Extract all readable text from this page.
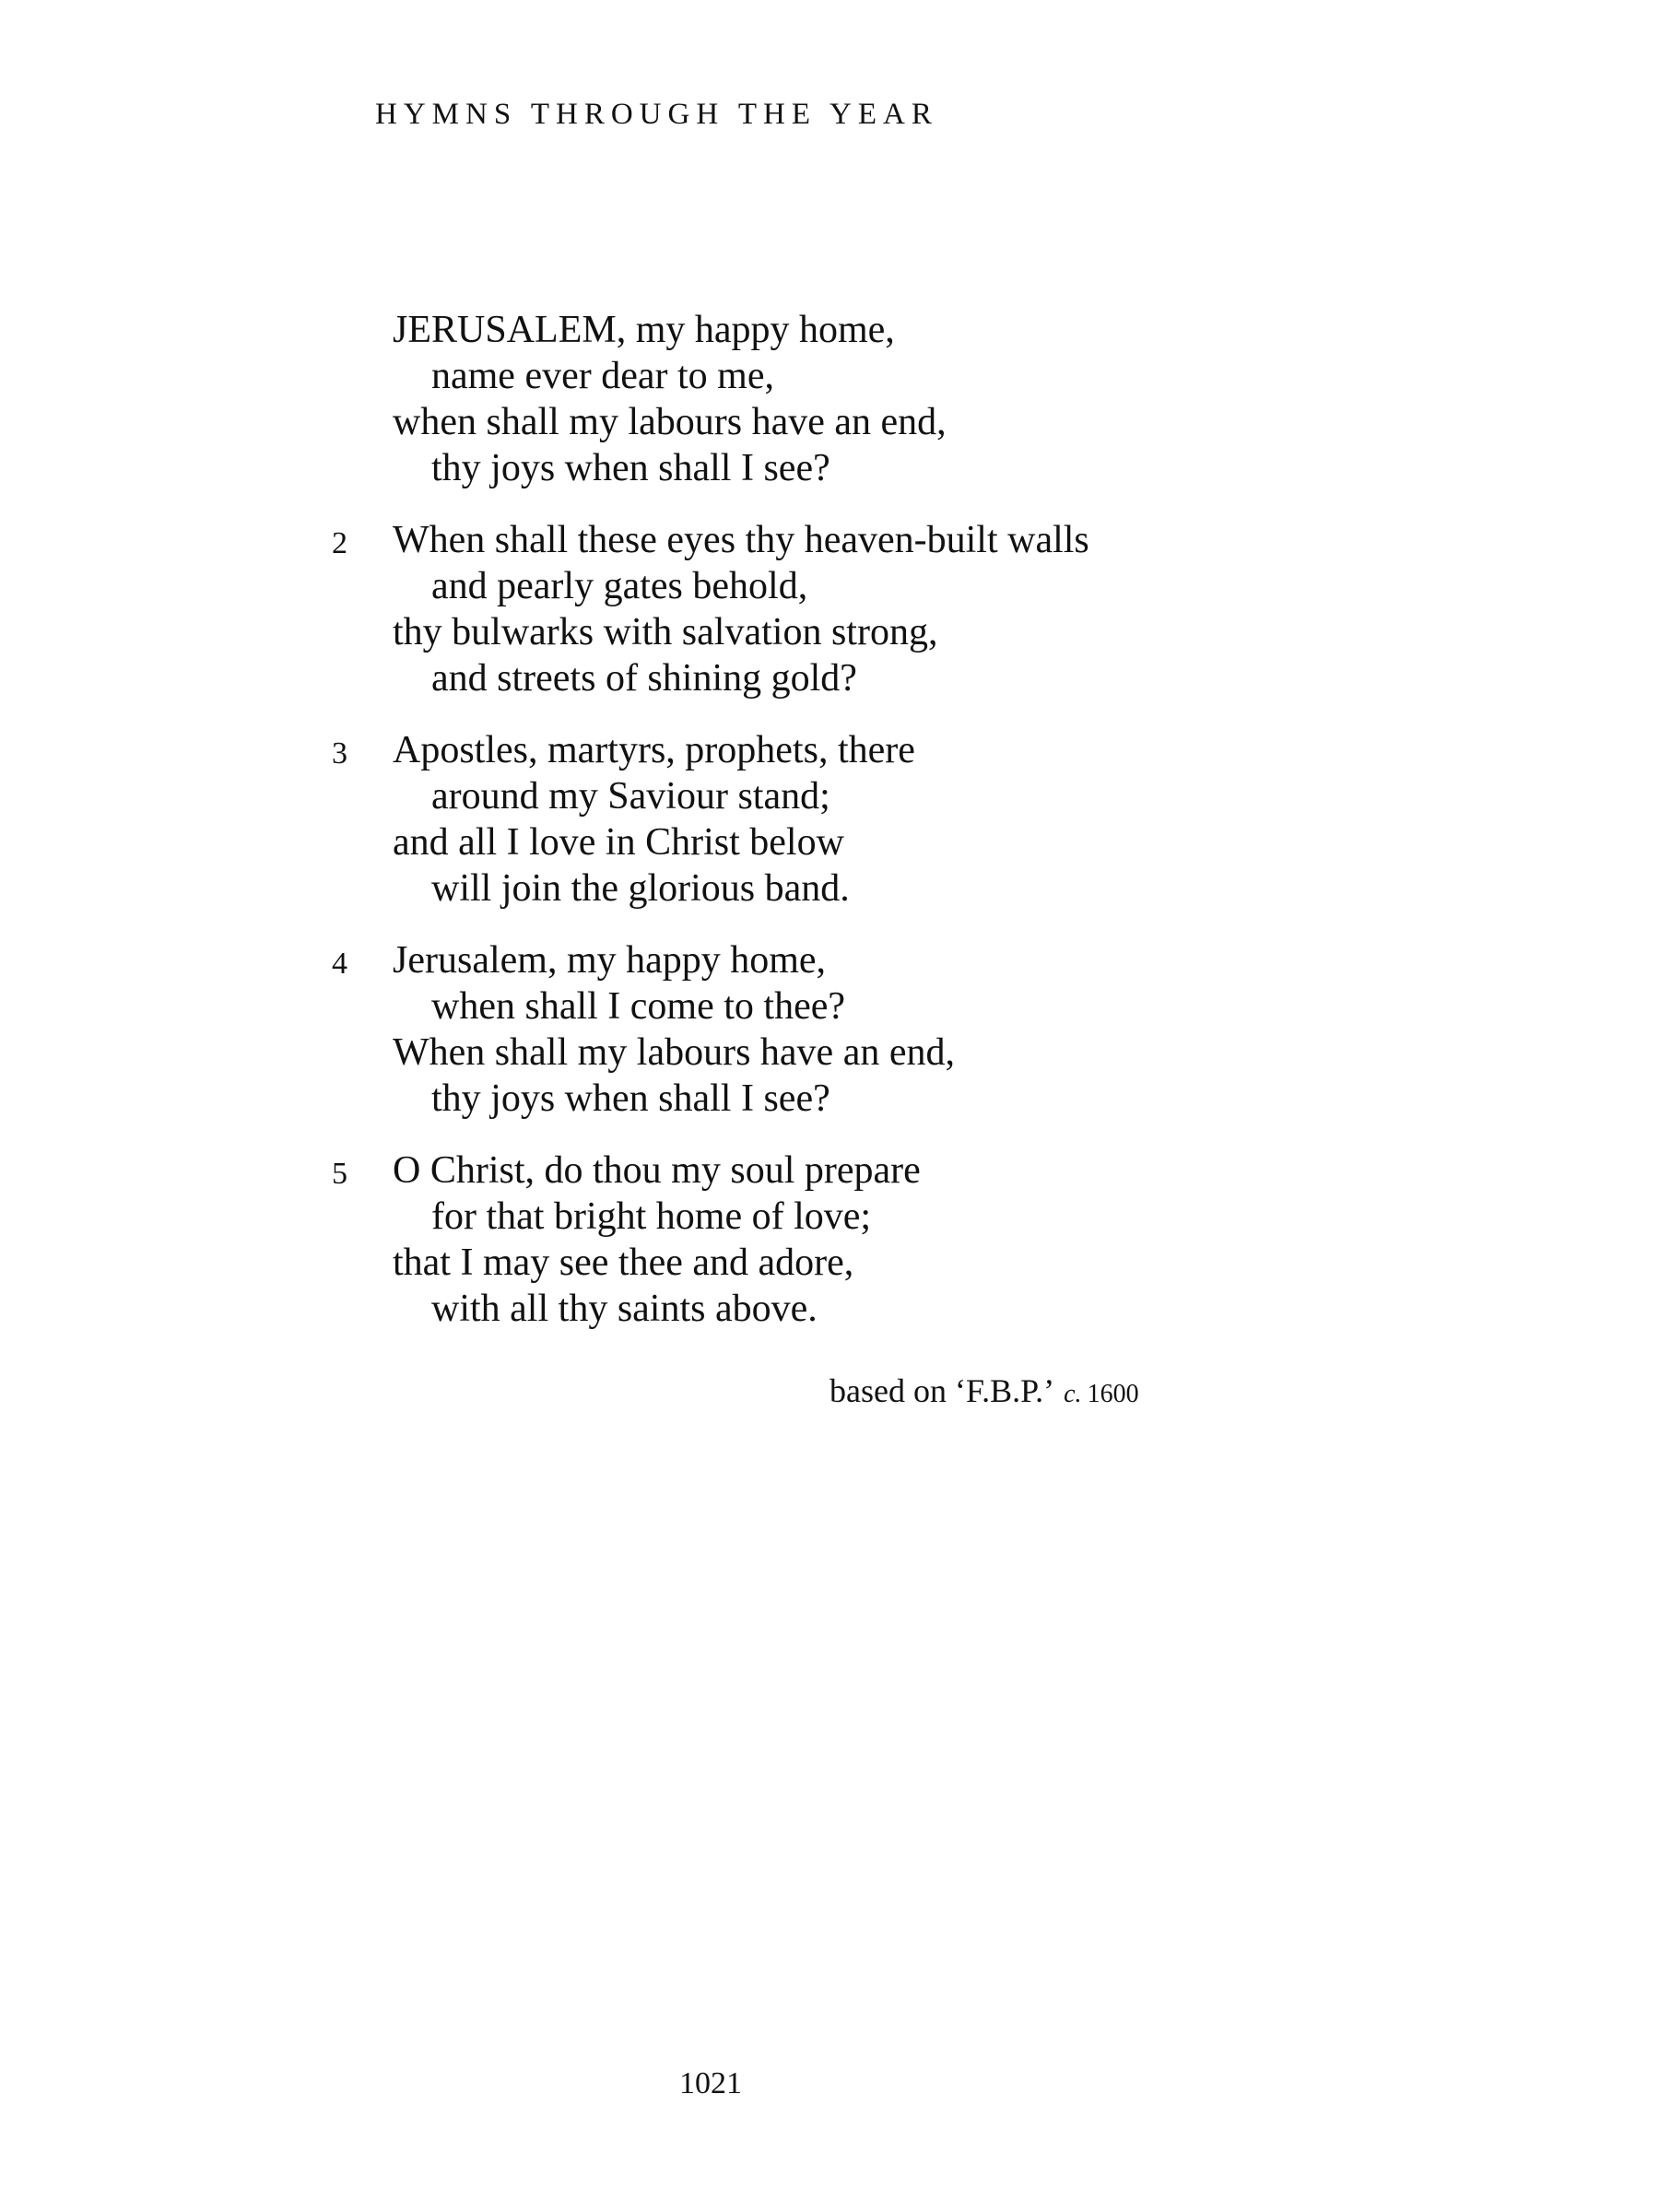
HYMNS THROUGH THE YEAR
JERUSALEM, my happy home,
name ever dear to me,
when shall my labours have an end,
thy joys when shall I see?
2	When shall these eyes thy heaven-built walls
and pearly gates behold,
thy bulwarks with salvation strong,
and streets of shining gold?
3	Apostles, martyrs, prophets, there
around my Saviour stand;
and all I love in Christ below
will join the glorious band.
4	Jerusalem, my happy home,
when shall I come to thee?
When shall my labours have an end,
thy joys when shall I see?
5	O Christ, do thou my soul prepare
for that bright home of love;
that I may see thee and adore,
with all thy saints above.
based on ‘F.B.P.’ c. 1600
1021
